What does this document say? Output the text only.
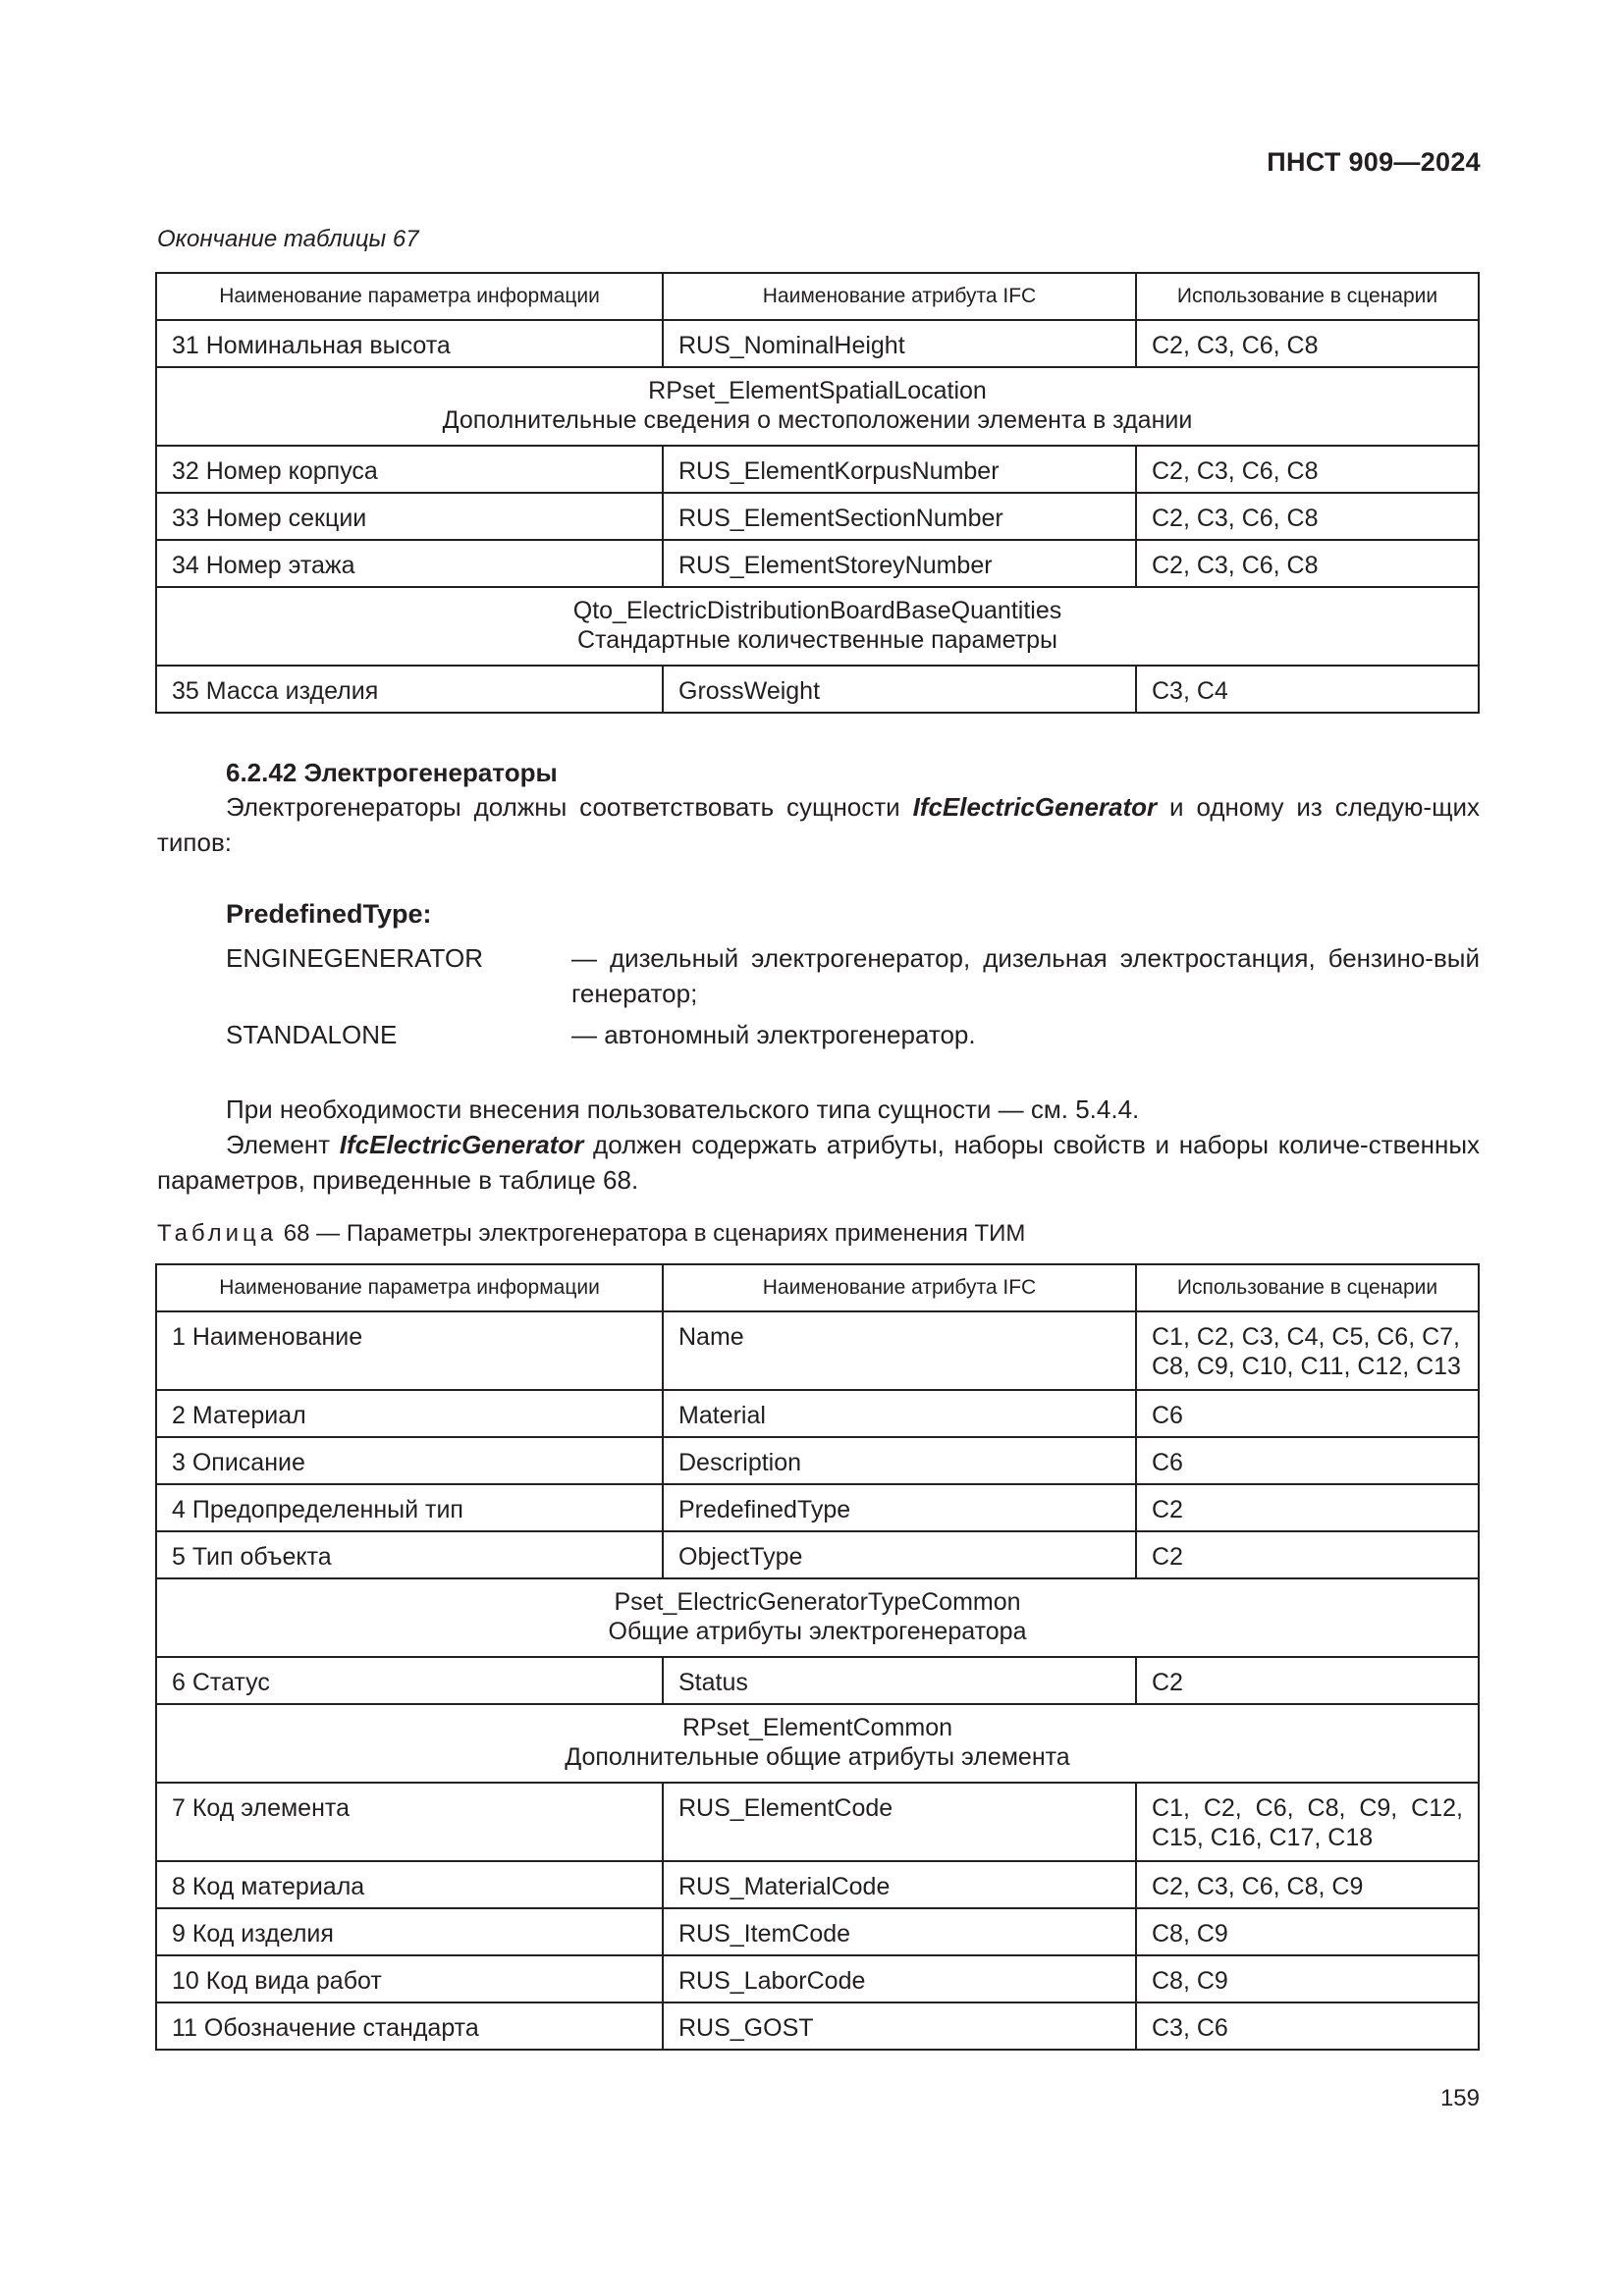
ПНСТ 909—2024
Окончание таблицы 67
Наименование параметра информации	Наименование атрибута IFC	Использование в сценарии
31 Номинальная высота	RUS_NominalHeight	C2, C3, C6, C8

RPset_ElementSpatialLocation
Дополнительные сведения о местоположении элемента в здании		

32 Номер корпуса	RUS_ElementKorpusNumber	C2, C3, C6, C8
33 Номер секции	RUS_ElementSectionNumber	C2, C3, C6, C8
34 Номер этажа	RUS_ElementStoreyNumber	C2, C3, C6, C8

Qto_ElectricDistributionBoardBaseQuantities
Стандартные количественные параметры		

35 Масса изделия	GrossWeight	C3, C4
6.2.42 Электрогенераторы
Электрогенераторы должны соответствовать сущности IfcElectricGenerator и одному из следую-щих типов:
PredefinedType:
ENGINEGENERATOR	— дизельный электрогенератор, дизельная электростанция, бензино-вый генератор;
STANDALONE	— автономный электрогенератор.
При необходимости внесения пользовательского типа сущности — см. 5.4.4.
Элемент IfcElectricGenerator должен содержать атрибуты, наборы свойств и наборы количе-ственных параметров, приведенные в таблице 68.
Таблица 68 — Параметры электрогенератора в сценариях применения ТИМ
Наименование параметра информации	Наименование атрибута IFC	Использование в сценарии
1 Наименование	Name	C1, C2, C3, C4, C5, C6, C7, C8, C9, C10, C11, C12, C13
2 Материал	Material	C6
3 Описание	Description	C6
4 Предопределенный тип	PredefinedType	C2
5 Тип объекта	ObjectType	C2

Pset_ElectricGeneratorTypeCommon
Общие атрибуты электрогенератора		

6 Статус	Status	C2

RPset_ElementCommon
Дополнительные общие атрибуты элемента		

7 Код элемента	RUS_ElementCode	C1, C2, C6, C8, C9, C12, C15, C16, C17, C18
8 Код материала	RUS_MaterialCode	C2, C3, C6, C8, C9
9 Код изделия	RUS_ItemCode	C8, C9
10 Код вида работ	RUS_LaborCode	C8, C9
11 Обозначение стандарта	RUS_GOST	C3, C6
159
